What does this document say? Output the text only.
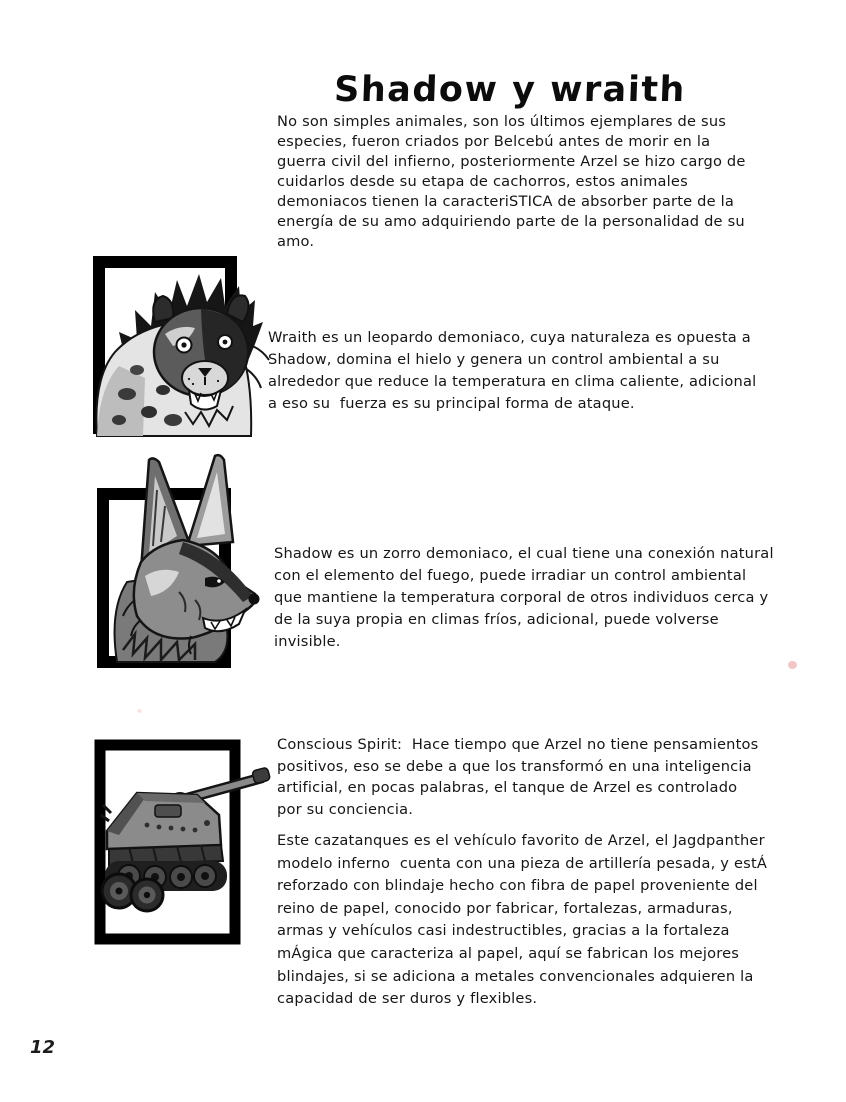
Shadow y wraith
No son simples animales, son los últimos ejemplares de sus especies, fueron criados por Belcebú antes de morir en la guerra civil del infierno, posteriormente Arzel se hizo cargo de cuidarlos desde su etapa de cachorros, estos animales demoniacos tienen la caracteriSTICA de absorber parte de la energía de su amo adquiriendo parte de la personalidad de su amo.
Wraith es un leopardo demoniaco, cuya naturaleza es opuesta a Shadow, domina el hielo y genera un control ambiental a su alrededor que reduce la temperatura en clima caliente, adicional a eso su  fuerza es su principal forma de ataque.
Shadow es un zorro demoniaco, el cual tiene una conexión natural con el elemento del fuego, puede irradiar un control ambiental que mantiene la temperatura corporal de otros individuos cerca y de la suya propia en climas fríos, adicional, puede volverse invisible.
Conscious Spirit:  Hace tiempo que Arzel no tiene pensamientos positivos, eso se debe a que los transformó en una inteligencia artificial, en pocas palabras, el tanque de Arzel es controlado por su conciencia.
Este cazatanques es el vehículo favorito de Arzel, el Jagdpanther modelo inferno  cuenta con una pieza de artillería pesada, y estÁ reforzado con blindaje hecho con fibra de papel proveniente del reino de papel, conocido por fabricar, fortalezas, armaduras, armas y vehículos casi indestructibles, gracias a la fortaleza mÁgica que caracteriza al papel, aquí se fabrican los mejores blindajes, si se adiciona a metales convencionales adquieren la capacidad de ser duros y flexibles.
12
